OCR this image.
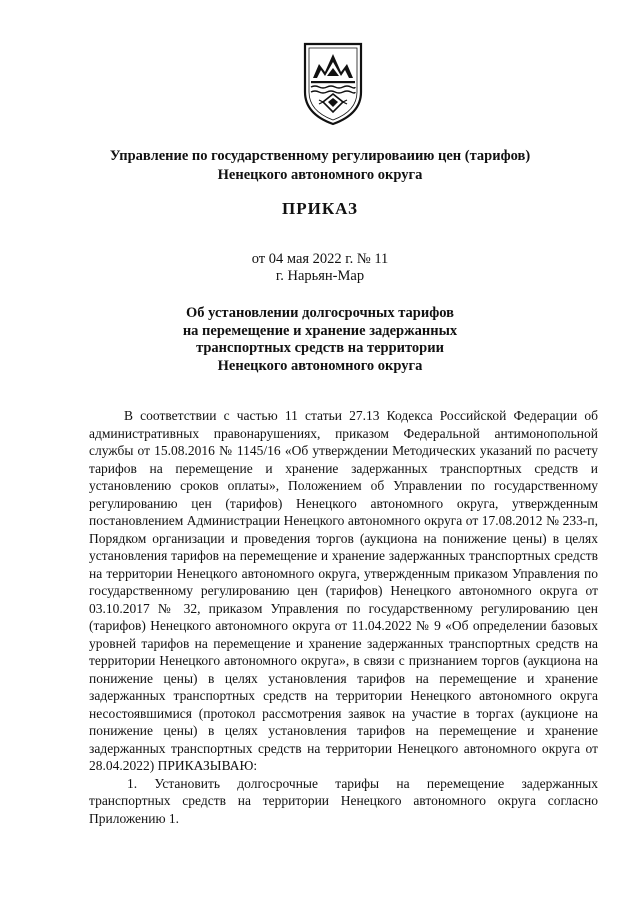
Управление по государственному регулироваиию цен (тарифов)
Ненецкого автономного округа
ПРИКАЗ
от 04 мая 2022 г. № 11
г. Нарьян-Мар
Об установлении долгосрочных тарифов
на перемещение и хранение задержанных
транспортных средств на территории
Ненецкого автономного округа

В соответствии с частью 11 статьи 27.13 Кодекса Российской Федерации об административных правонарушениях, приказом Федеральной антимонопольной службы от 15.08.2016 № 1145/16 «Об утверждении Методических указаний по расчету тарифов на перемещение и хранение задержанных транспортных средств и установлению сроков оплаты», Положением об Управлении по государственному регулированию цен (тарифов) Ненецкого автономного округа, утвержденным постановлением Администрации Ненецкого автономного округа от 17.08.2012 № 233-п, Порядком организации и проведения торгов (аукциона на понижение цены) в целях установления тарифов на перемещение и хранение задержанных транспортных средств на территории Ненецкого автономного округа, утвержденным приказом Управления по государственному регулированию цен (тарифов) Ненецкого автономного округа от 03.10.2017 № 32, приказом Управления по государственному регулированию цен (тарифов) Ненецкого автономного округа от 11.04.2022 № 9 «Об определении базовых уровней тарифов на перемещение и хранение задержанных транспортных средств на территории Ненецкого автономного округа», в связи с признанием торгов (аукциона на понижение цены) в целях установления тарифов на перемещение и хранение задержанных транспортных средств на территории Ненецкого автономного округа несостоявшимися (протокол рассмотрения заявок на участие в торгах (аукционе на понижение цены) в целях установления тарифов на перемещение и хранение задержанных транспортных средств на территории Ненецкого автономного округа от 28.04.2022) ПРИКАЗЫВАЮ:

1. Установить долгосрочные тарифы на перемещение задержанных транспортных средств на территории Ненецкого автономного округа согласно Приложению 1.
